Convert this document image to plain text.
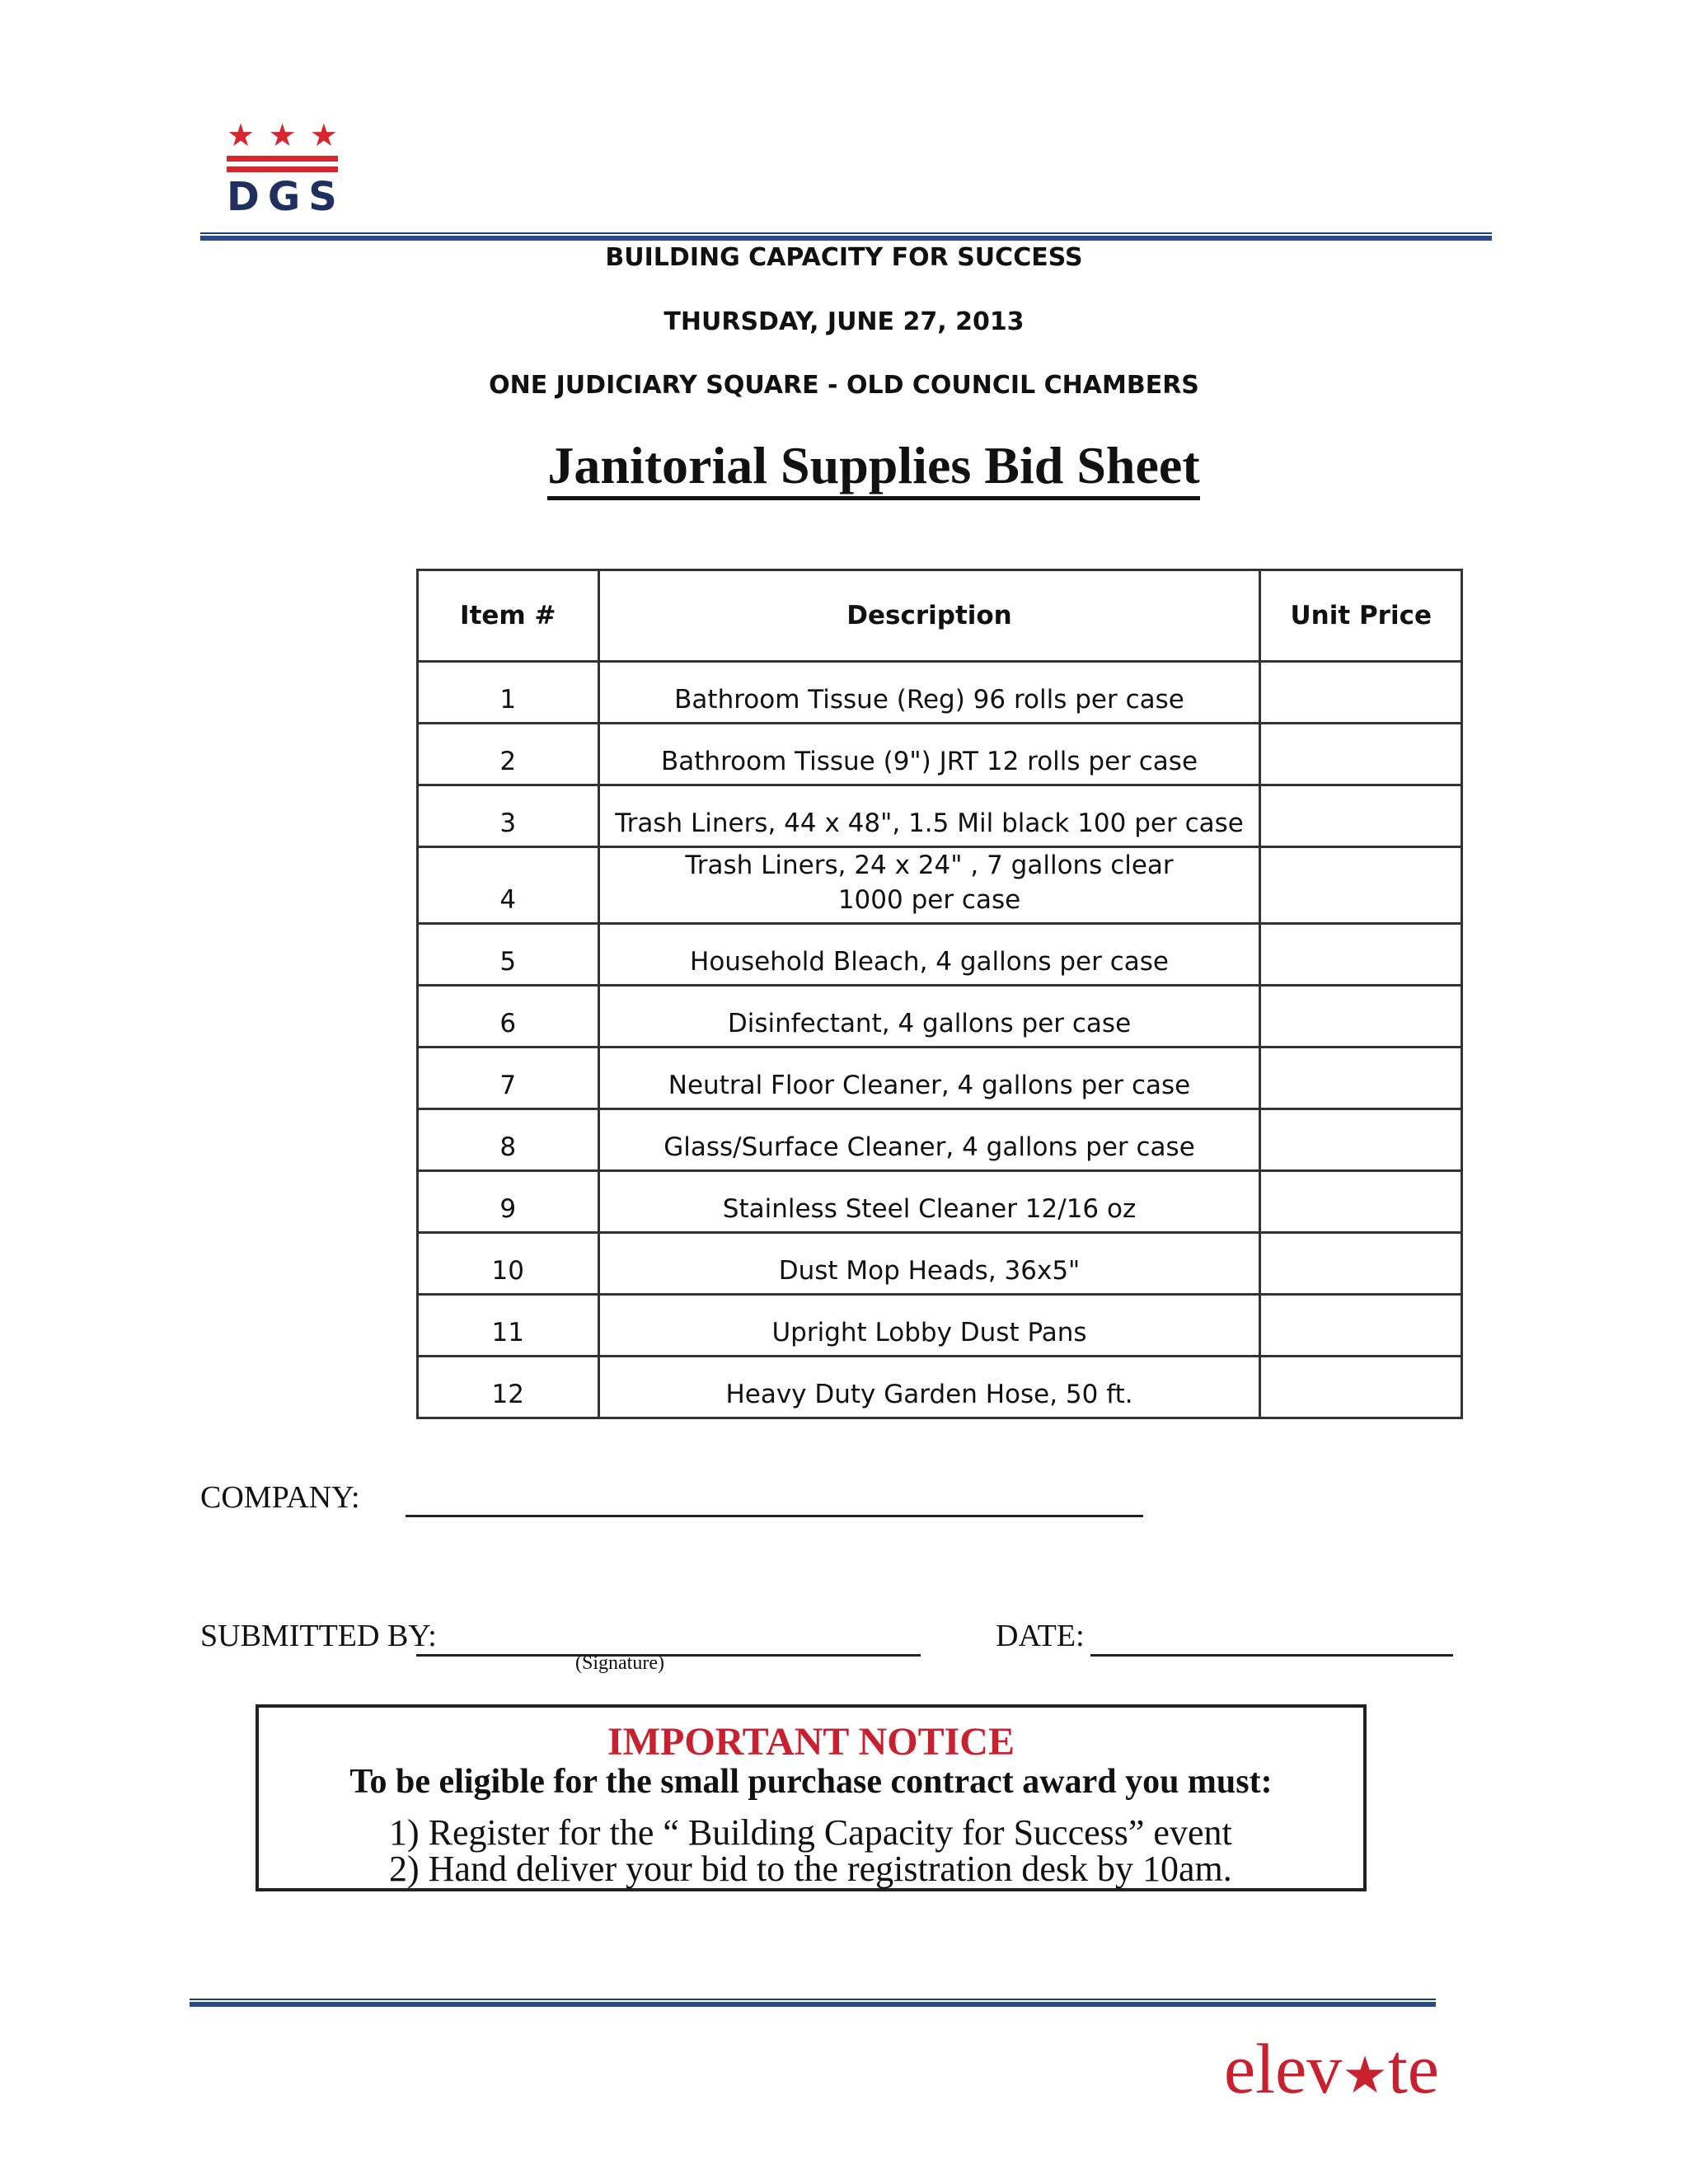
★ ★ ★
DGS
BUILDING CAPACITY FOR SUCCESS
THURSDAY, JUNE 27, 2013
ONE JUDICIARY SQUARE - OLD COUNCIL CHAMBERS
Janitorial Supplies Bid Sheet
Item #	Description	Unit Price
1	Bathroom Tissue (Reg) 96 rolls per case	
2	Bathroom Tissue (9") JRT 12 rolls per case	
3	Trash Liners, 44 x 48", 1.5 Mil black 100 per case	
4	Trash Liners, 24 x 24" , 7 gallons clear 1000 per case	
5	Household Bleach, 4 gallons per case	
6	Disinfectant, 4 gallons per case	
7	Neutral Floor Cleaner, 4 gallons per case	
8	Glass/Surface Cleaner, 4 gallons per case	
9	Stainless Steel Cleaner 12/16 oz	
10	Dust Mop Heads, 36x5"	
11	Upright Lobby Dust Pans	
12	Heavy Duty Garden Hose, 50 ft.	
COMPANY:
SUBMITTED BY:
(Signature)
DATE:
IMPORTANT NOTICE
To be eligible for the small purchase contract award you must:
1) Register for the “ Building Capacity for Success” event
2) Hand deliver your bid to the registration desk by 10am.
elev★te
